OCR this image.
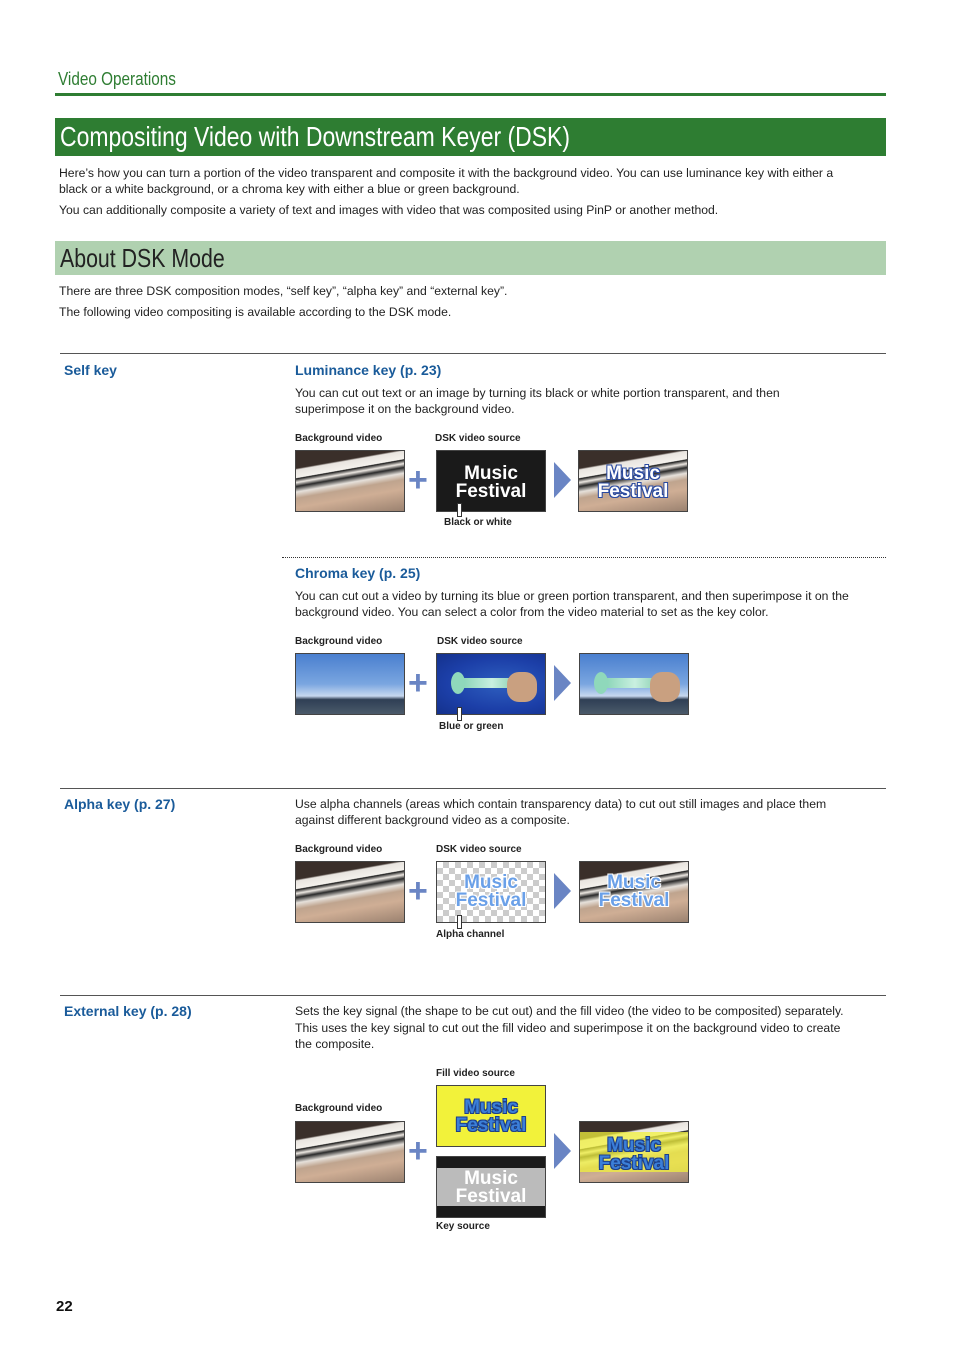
Video Operations
Compositing Video with Downstream Keyer (DSK)
Here’s how you can turn a portion of the video transparent and composite it with the background video. You can use luminance key with either a
black or a white background, or a chroma key with either a blue or green background.
You can additionally composite a variety of text and images with video that was composited using PinP or another method.
About DSK Mode
There are three DSK composition modes, “self key”, “alpha key” and “external key”.
The following video compositing is available according to the DSK mode.
Self key	Luminance key (p. 23)
You can cut out text or an image by turning its black or white portion transparent, and then
superimpose it on the background video.
Background video	DSK video source
+	Music
Festival
Music
Festival
Black or white
Chroma key (p. 25)
You can cut out a video by turning its blue or green portion transparent, and then superimpose it on the
background video. You can select a color from the video material to set as the key color.
Background video	DSK video source
+
Blue or green
Alpha key (p. 27)	Use alpha channels (areas which contain transparency data) to cut out still images and place them
against different background video as a composite.
Background video	DSK video source
+	Music
Festival
Music
Festival
Alpha channel
External key (p. 28)	Sets the key signal (the shape to be cut out) and the fill video (the video to be composited) separately.
This uses the key signal to cut out the fill video and superimpose it on the background video to create
the composite.
Fill video source
Music
Festival
Background video
+
Music
Festival
Music
Festival
Key source
22
